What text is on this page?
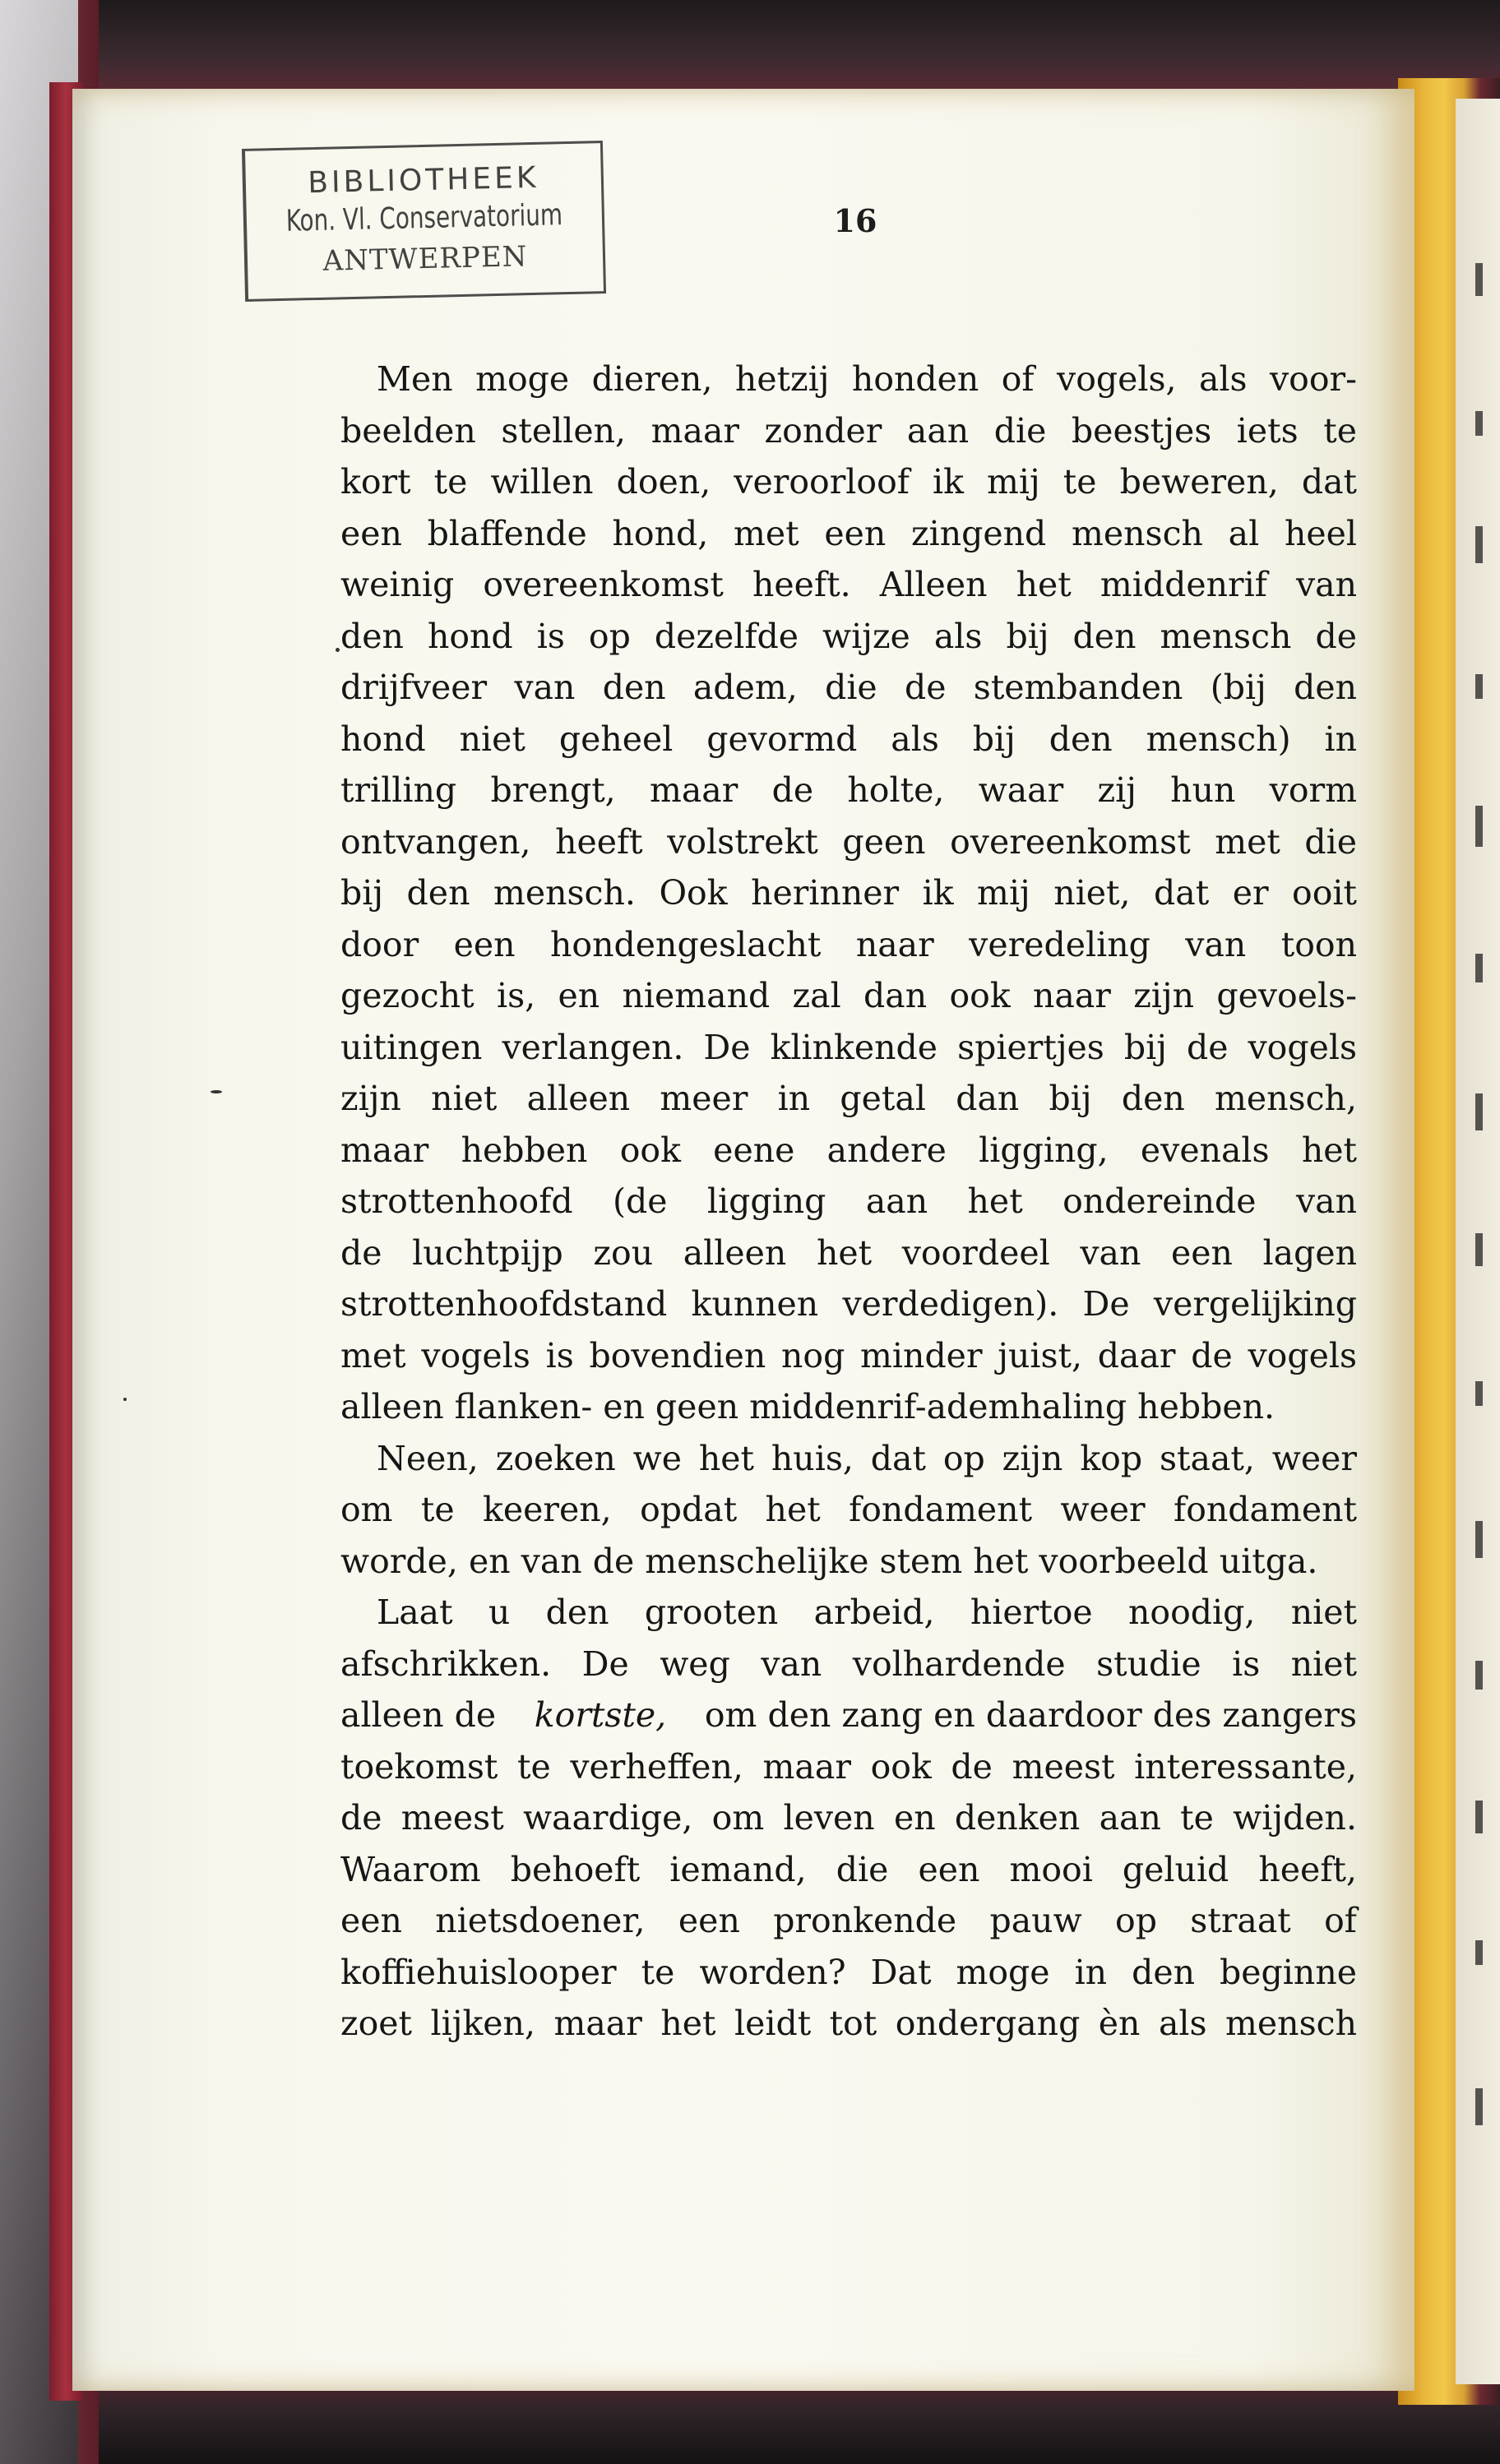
BIBLIOTHEEK
Kon. Vl. Conservatorium
ANTWERPEN
16
Men moge dieren, hetzij honden of vogels, als voor-
beelden stellen, maar zonder aan die beestjes iets te
kort te willen doen, veroorloof ik mij te beweren, dat
een blaffende hond, met een zingend mensch al heel
weinig overeenkomst heeft. Alleen het middenrif van
den hond is op dezelfde wijze als bij den mensch de
drijfveer van den adem, die de stembanden (bij den
hond niet geheel gevormd als bij den mensch) in
trilling brengt, maar de holte, waar zij hun vorm
ontvangen, heeft volstrekt geen overeenkomst met die
bij den mensch. Ook herinner ik mij niet, dat er ooit
door een hondengeslacht naar veredeling van toon
gezocht is, en niemand zal dan ook naar zijn gevoels-
uitingen verlangen. De klinkende spiertjes bij de vogels
zijn niet alleen meer in getal dan bij den mensch,
maar hebben ook eene andere ligging, evenals het
strottenhoofd (de ligging aan het ondereinde van
de luchtpijp zou alleen het voordeel van een lagen
strottenhoofdstand kunnen verdedigen). De vergelijking
met vogels is bovendien nog minder juist, daar de vogels
alleen flanken- en geen middenrif-ademhaling hebben.
Neen, zoeken we het huis, dat op zijn kop staat, weer
om te keeren, opdat het fondament weer fondament
worde, en van de menschelijke stem het voorbeeld uitga.
Laat u den grooten arbeid, hiertoe noodig, niet
afschrikken. De weg van volhardende studie is niet
alleen de kortste, om den zang en daardoor des zangers
toekomst te verheffen, maar ook de meest interessante,
de meest waardige, om leven en denken aan te wijden.
Waarom behoeft iemand, die een mooi geluid heeft,
een nietsdoener, een pronkende pauw op straat of
koffiehuislooper te worden? Dat moge in den beginne
zoet lijken, maar het leidt tot ondergang èn als mensch
